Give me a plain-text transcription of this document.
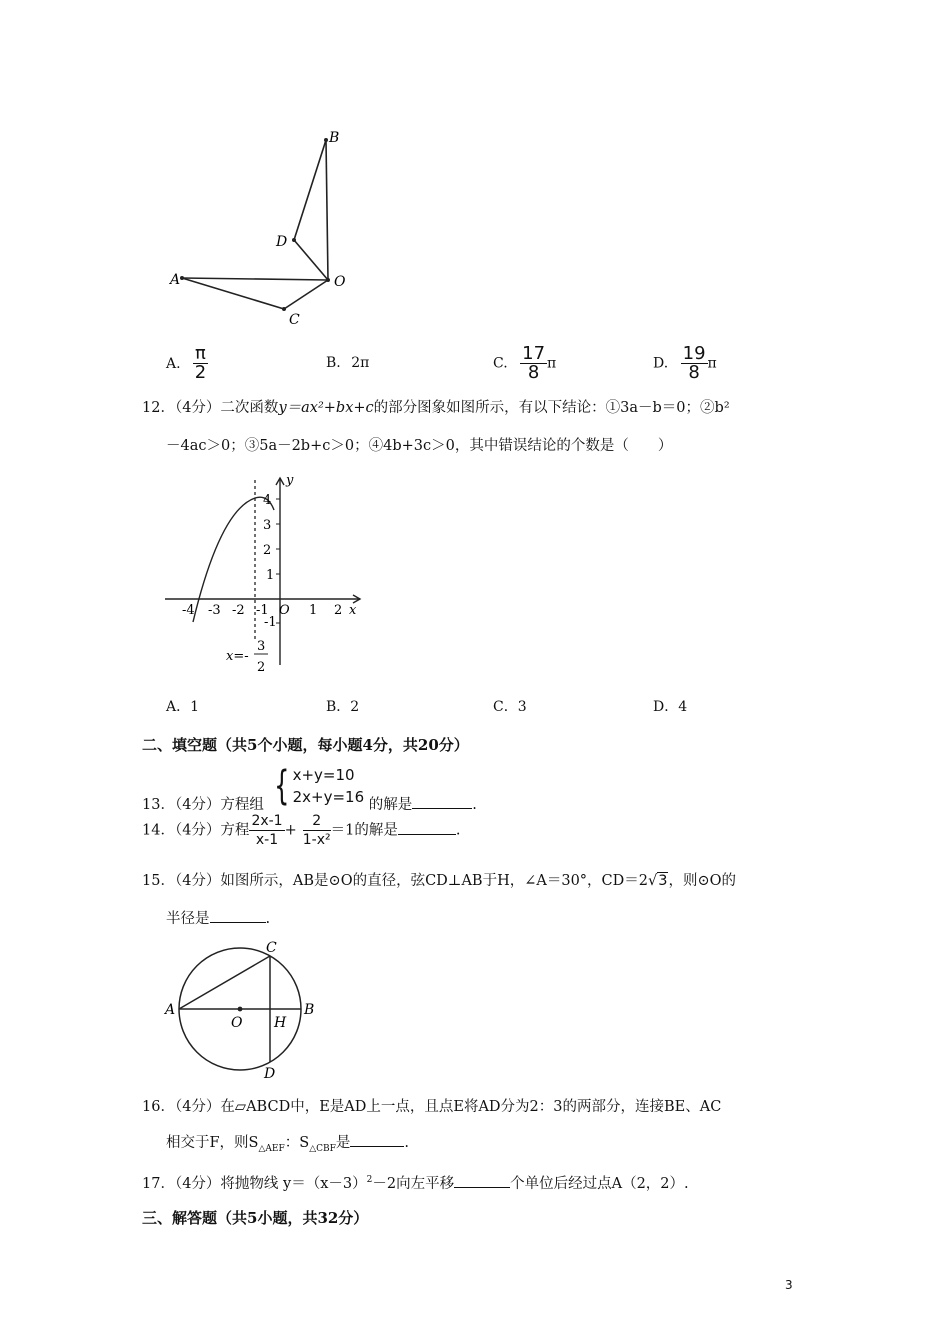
B
D
A	O
C
A. $\frac{\pi}{2}$	B. 2π	C. $\frac{17}{8}$ π	D. $\frac{19}{8}$ π
12．（4分）二次函数y＝ax²+bx+c的部分图象如图所示，有以下结论：①3a－b＝0；②b²
－4ac＞0；③5a－2b+c＞0；④4b+3c＞0，其中错误结论的个数是（　　）
y
4
3
2
1
-1
-4 -3 -2 -1 O 1 2 x
x=-
3
2
A．1	B．2	C．3	D．4
二、填空题（共5个小题，每小题4分，共20分）
13．（4分）方程组 { x+y=10
2x+y=16 的解是	.
14．（4分）方程 $\frac{2x-1}{x-1} + \frac{2}{\text{1-x²}} =1$的解是	.
15．（4分）如图所示，AB是⊙O的直径，弦CD⊥AB于H，∠A＝30°，CD＝2√3，则⊙O的
半径是	.
C
A
O H
B
D
16．（4分）在▱ABCD中，E是AD上一点，且点E将AD分为2：3的两部分，连接BE、AC
相交于F，则$S_{\triangle AEF}$：$S_{\triangle CBF}$是	.
17．（4分）将抛物线 $y=(x-3)^2-2$向左平移	个单位后经过点A（2，2）.
三、解答题（共5小题，共32分）
3
